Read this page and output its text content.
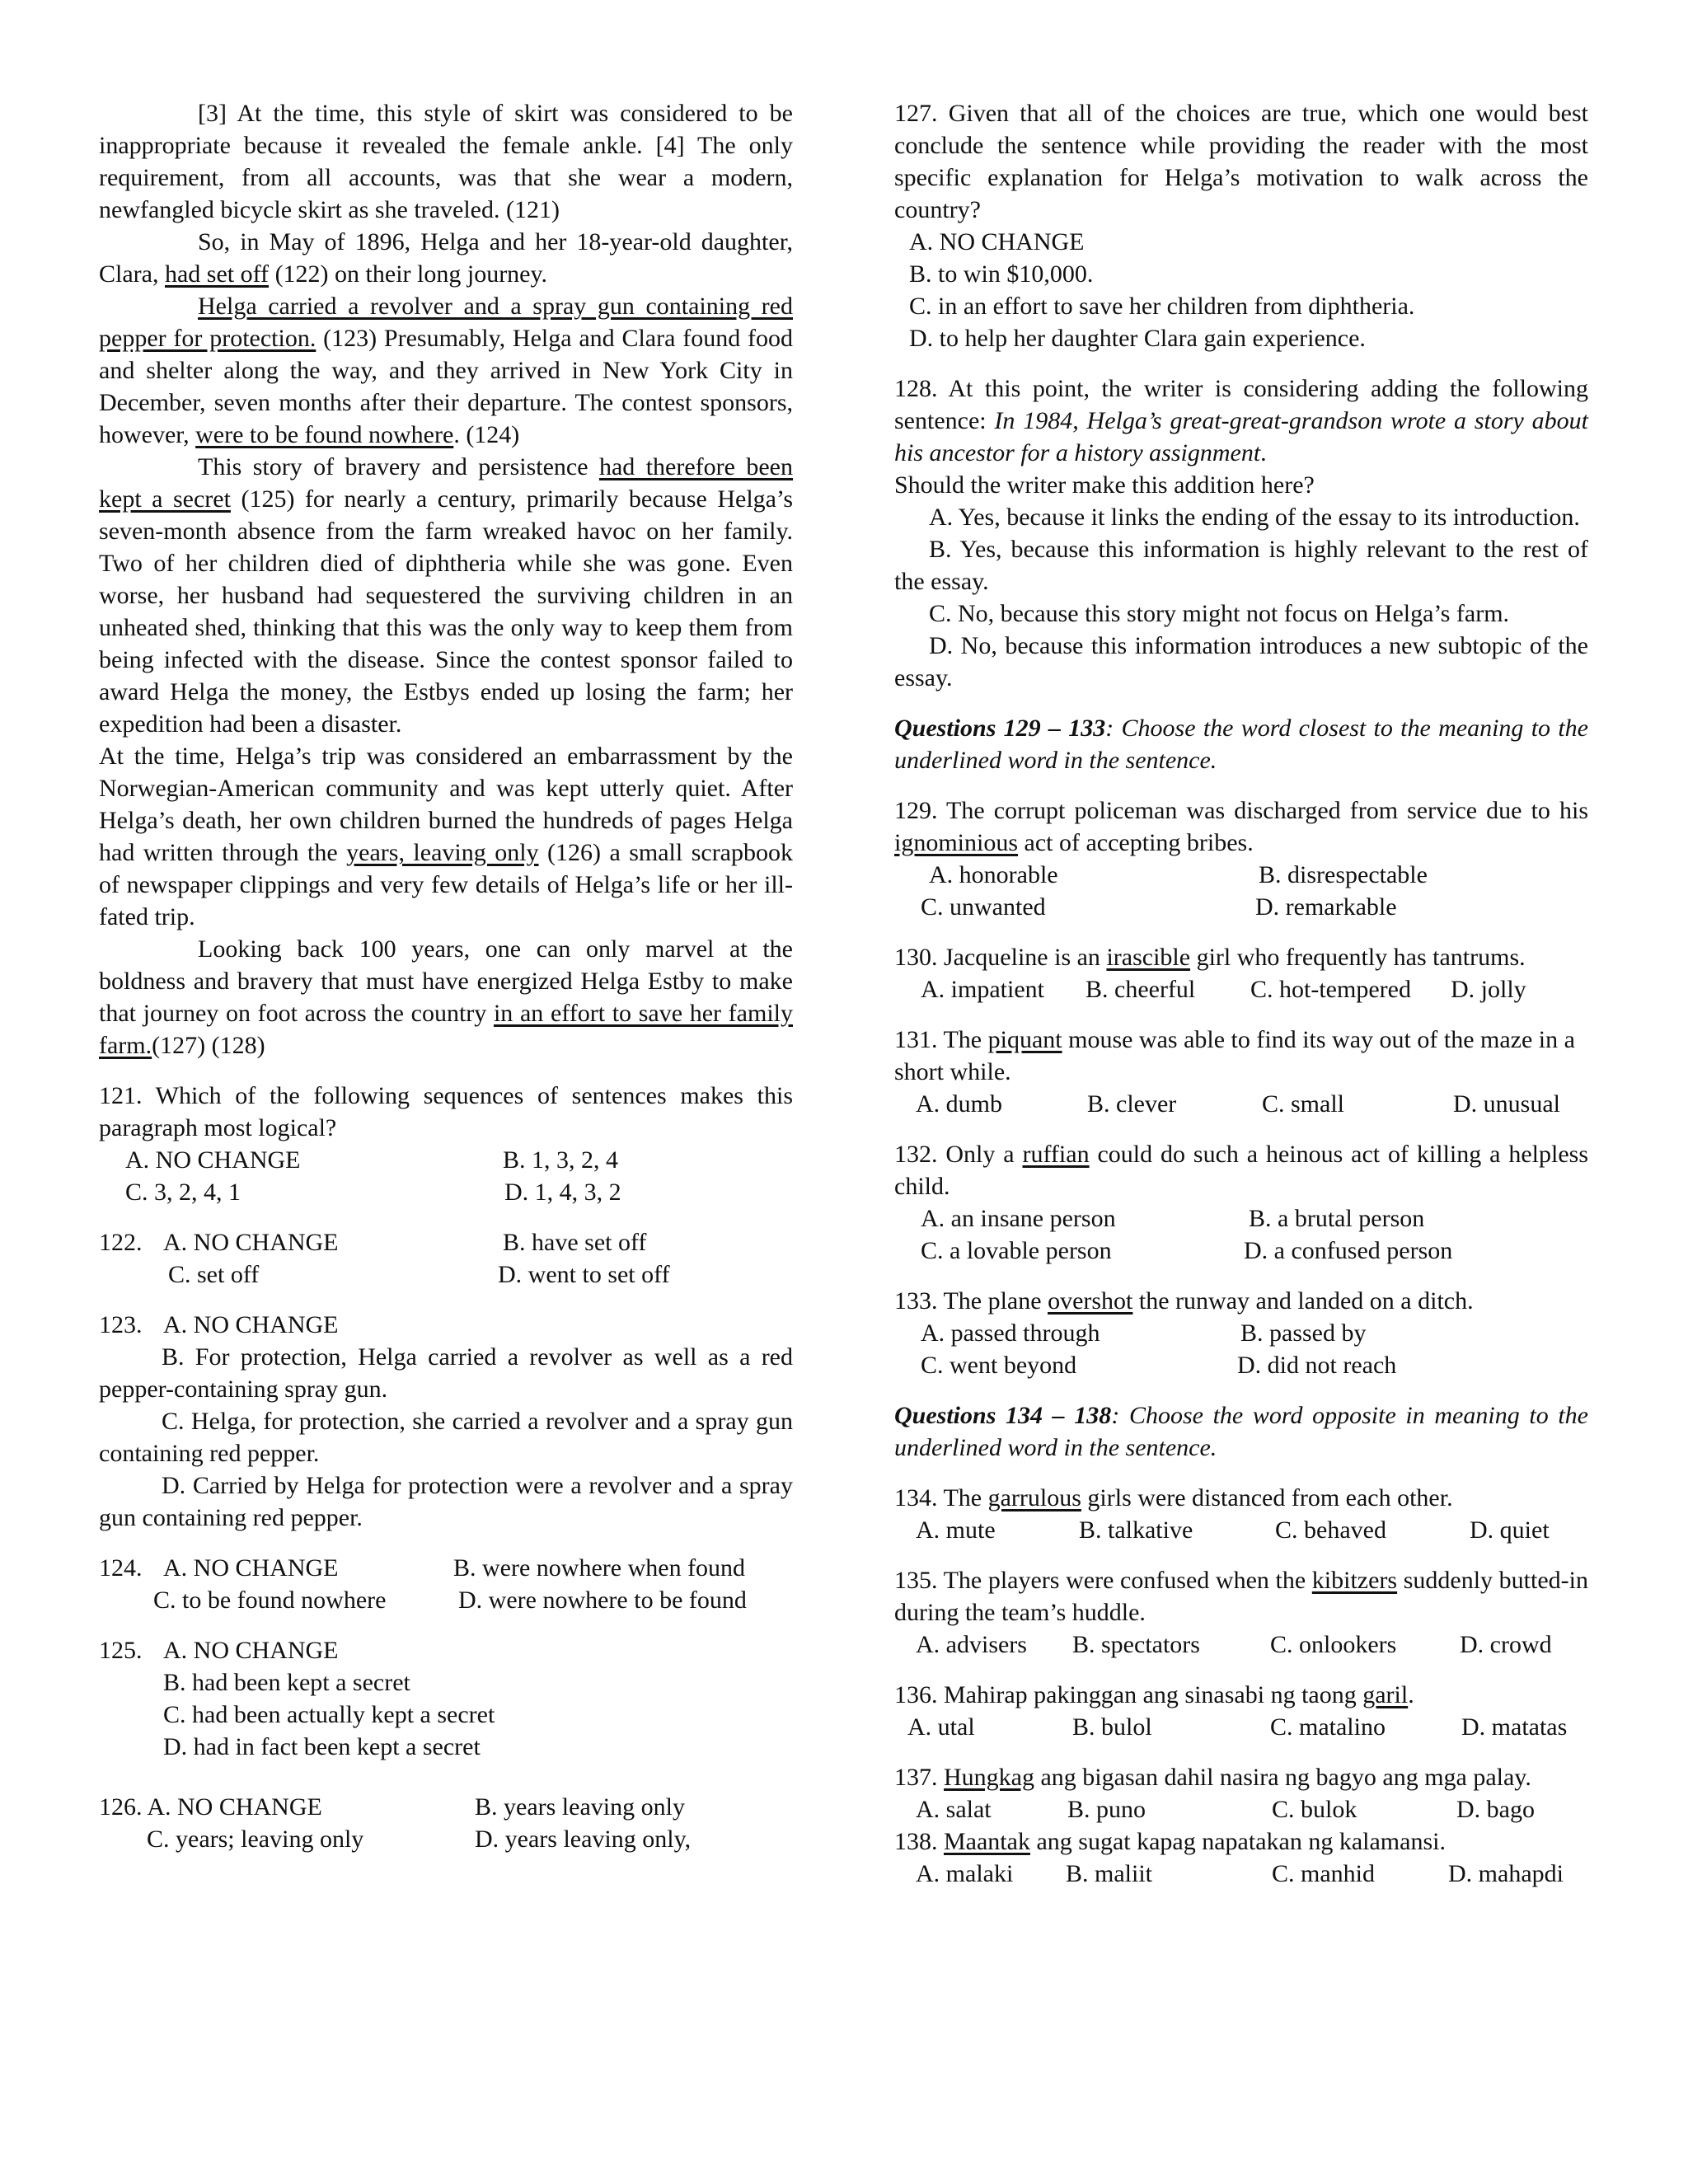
[3] At the time, this style of skirt was considered to be inappropriate because it revealed the female ankle. [4] The only requirement, from all accounts, was that she wear a modern, newfangled bicycle skirt as she traveled. (121)

So, in May of 1896, Helga and her 18-year-old daughter, Clara, had set off (122) on their long journey.

Helga carried a revolver and a spray gun containing red pepper for protection. (123) Presumably, Helga and Clara found food and shelter along the way, and they arrived in New York City in December, seven months after their departure. The contest sponsors, however, were to be found nowhere. (124)

This story of bravery and persistence had therefore been kept a secret (125) for nearly a century, primarily because Helga’s seven-month absence from the farm wreaked havoc on her family. Two of her children died of diphtheria while she was gone. Even worse, her husband had sequestered the surviving children in an unheated shed, thinking that this was the only way to keep them from being infected with the disease. Since the contest sponsor failed to award Helga the money, the Estbys ended up losing the farm; her expedition had been a disaster.

At the time, Helga’s trip was considered an embarrassment by the Norwegian-American community and was kept utterly quiet. After Helga’s death, her own children burned the hundreds of pages Helga had written through the years, leaving only (126) a small scrapbook of newspaper clippings and very few details of Helga’s life or her ill-fated trip.

Looking back 100 years, one can only marvel at the boldness and bravery that must have energized Helga Estby to make that journey on foot across the country in an effort to save her family farm.(127) (128)

121. Which of the following sequences of sentences makes this paragraph most logical?

A. NO CHANGE	B. 1, 3, 2, 4
C. 3, 2, 4, 1	D. 1, 4, 3, 2
122. A. NO CHANGE	B. have set off
C. set off	D. went to set off
123. A. NO CHANGE

B. For protection, Helga carried a revolver as well as a red pepper-containing spray gun.

C. Helga, for protection, she carried a revolver and a spray gun containing red pepper.

D. Carried by Helga for protection were a revolver and a spray gun containing red pepper.

124. A. NO CHANGE	B. were nowhere when found
C. to be found nowhere	D. were nowhere to be found
125. A. NO CHANGE

B. had been kept a secret

C. had been actually kept a secret

D. had in fact been kept a secret

126. A. NO CHANGE	B. years leaving only
C. years; leaving only	D. years leaving only,

127. Given that all of the choices are true, which one would best conclude the sentence while providing the reader with the most specific explanation for Helga’s motivation to walk across the country?

A. NO CHANGE

B. to win $10,000.

C. in an effort to save her children from diphtheria.

D. to help her daughter Clara gain experience.

128. At this point, the writer is considering adding the following sentence: In 1984, Helga’s great-great-grandson wrote a story about his ancestor for a history assignment.

Should the writer make this addition here?

A. Yes, because it links the ending of the essay to its introduction.

B. Yes, because this information is highly relevant to the rest of the essay.

C. No, because this story might not focus on Helga’s farm.

D. No, because this information introduces a new subtopic of the essay.

Questions 129 – 133: Choose the word closest to the meaning to the underlined word in the sentence.

129. The corrupt policeman was discharged from service due to his ignominious act of accepting bribes.

A. honorable	B. disrespectable
C. unwanted	D. remarkable

130. Jacqueline is an irascible girl who frequently has tantrums.

A. impatient	B. cheerful	C. hot-tempered	D. jolly

131. The piquant mouse was able to find its way out of the maze in a short while.

A. dumb	B. clever	C. small	D. unusual

132. Only a ruffian could do such a heinous act of killing a helpless child.

A. an insane person	B. a brutal person
C. a lovable person	D. a confused person

133. The plane overshot the runway and landed on a ditch.

A. passed through	B. passed by
C. went beyond	D. did not reach

Questions 134 – 138: Choose the word opposite in meaning to the underlined word in the sentence.

134. The garrulous girls were distanced from each other.

A. mute	B. talkative	C. behaved	D. quiet

135. The players were confused when the kibitzers suddenly butted-in during the team’s huddle.

A. advisers	B. spectators	C. onlookers	D. crowd

136. Mahirap pakinggan ang sinasabi ng taong garil.

A. utal	B. bulol	C. matalino	D. matatas

137. Hungkag ang bigasan dahil nasira ng bagyo ang mga palay.

A. salat	B. puno	C. bulok	D. bago

138. Maantak ang sugat kapag napatakan ng kalamansi.

A. malaki	B. maliit	C. manhid	D. mahapdi
